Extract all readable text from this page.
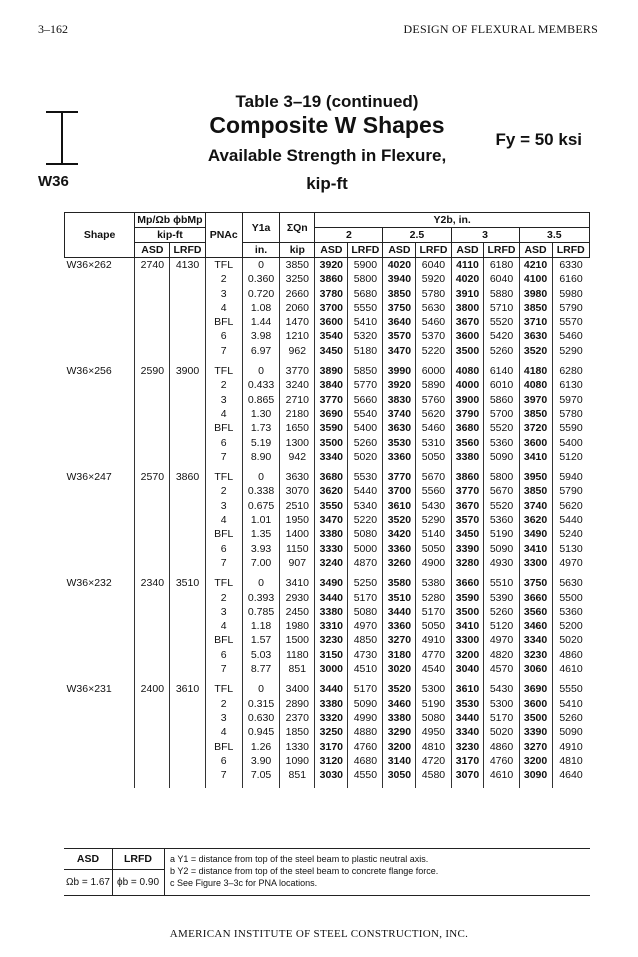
3–162	DESIGN OF FLEXURAL MEMBERS
W36
Table 3–19 (continued)
Composite W Shapes
Available Strength in Flexure,
kip-ft
Fy = 50 ksi
Shape	Mp/Ωb ϕbMp		PNAc	Y1a	ΣQn	Y2b, in.							
	kip-ft					2		2.5		3		3.5	
	ASD	LRFD		in.	kip	ASD	LRFD	ASD	LRFD	ASD	LRFD	ASD	LRFD
W36×262	2740	4130	TFL	0	3850	3920	5900	4020	6040	4110	6180	4210	6330
			2	0.360	3250	3860	5800	3940	5920	4020	6040	4100	6160
			3	0.720	2660	3780	5680	3850	5780	3910	5880	3980	5980
			4	1.08	2060	3700	5550	3750	5630	3800	5710	3850	5790
			BFL	1.44	1470	3600	5410	3640	5460	3670	5520	3710	5570
			6	3.98	1210	3540	5320	3570	5370	3600	5420	3630	5460
			7	6.97	962	3450	5180	3470	5220	3500	5260	3520	5290
W36×256	2590	3900	TFL	0	3770	3890	5850	3990	6000	4080	6140	4180	6280
			2	0.433	3240	3840	5770	3920	5890	4000	6010	4080	6130
			3	0.865	2710	3770	5660	3830	5760	3900	5860	3970	5970
			4	1.30	2180	3690	5540	3740	5620	3790	5700	3850	5780
			BFL	1.73	1650	3590	5400	3630	5460	3680	5520	3720	5590
			6	5.19	1300	3500	5260	3530	5310	3560	5360	3600	5400
			7	8.90	942	3340	5020	3360	5050	3380	5090	3410	5120
W36×247	2570	3860	TFL	0	3630	3680	5530	3770	5670	3860	5800	3950	5940
			2	0.338	3070	3620	5440	3700	5560	3770	5670	3850	5790
			3	0.675	2510	3550	5340	3610	5430	3670	5520	3740	5620
			4	1.01	1950	3470	5220	3520	5290	3570	5360	3620	5440
			BFL	1.35	1400	3380	5080	3420	5140	3450	5190	3490	5240
			6	3.93	1150	3330	5000	3360	5050	3390	5090	3410	5130
			7	7.00	907	3240	4870	3260	4900	3280	4930	3300	4970
W36×232	2340	3510	TFL	0	3410	3490	5250	3580	5380	3660	5510	3750	5630
			2	0.393	2930	3440	5170	3510	5280	3590	5390	3660	5500
			3	0.785	2450	3380	5080	3440	5170	3500	5260	3560	5360
			4	1.18	1980	3310	4970	3360	5050	3410	5120	3460	5200
			BFL	1.57	1500	3230	4850	3270	4910	3300	4970	3340	5020
			6	5.03	1180	3150	4730	3180	4770	3200	4820	3230	4860
			7	8.77	851	3000	4510	3020	4540	3040	4570	3060	4610
W36×231	2400	3610	TFL	0	3400	3440	5170	3520	5300	3610	5430	3690	5550
			2	0.315	2890	3380	5090	3460	5190	3530	5300	3600	5410
			3	0.630	2370	3320	4990	3380	5080	3440	5170	3500	5260
			4	0.945	1850	3250	4880	3290	4950	3340	5020	3390	5090
			BFL	1.26	1330	3170	4760	3200	4810	3230	4860	3270	4910
			6	3.90	1090	3120	4680	3140	4720	3170	4760	3200	4810
			7	7.05	851	3030	4550	3050	4580	3070	4610	3090	4640
ASD	LRFD
Ωb = 1.67 ϕb = 0.90
a Y1 = distance from top of the steel beam to plastic neutral axis.
b Y2 = distance from top of the steel beam to concrete flange force.
c See Figure 3–3c for PNA locations.
AMERICAN INSTITUTE OF STEEL CONSTRUCTION, INC.
